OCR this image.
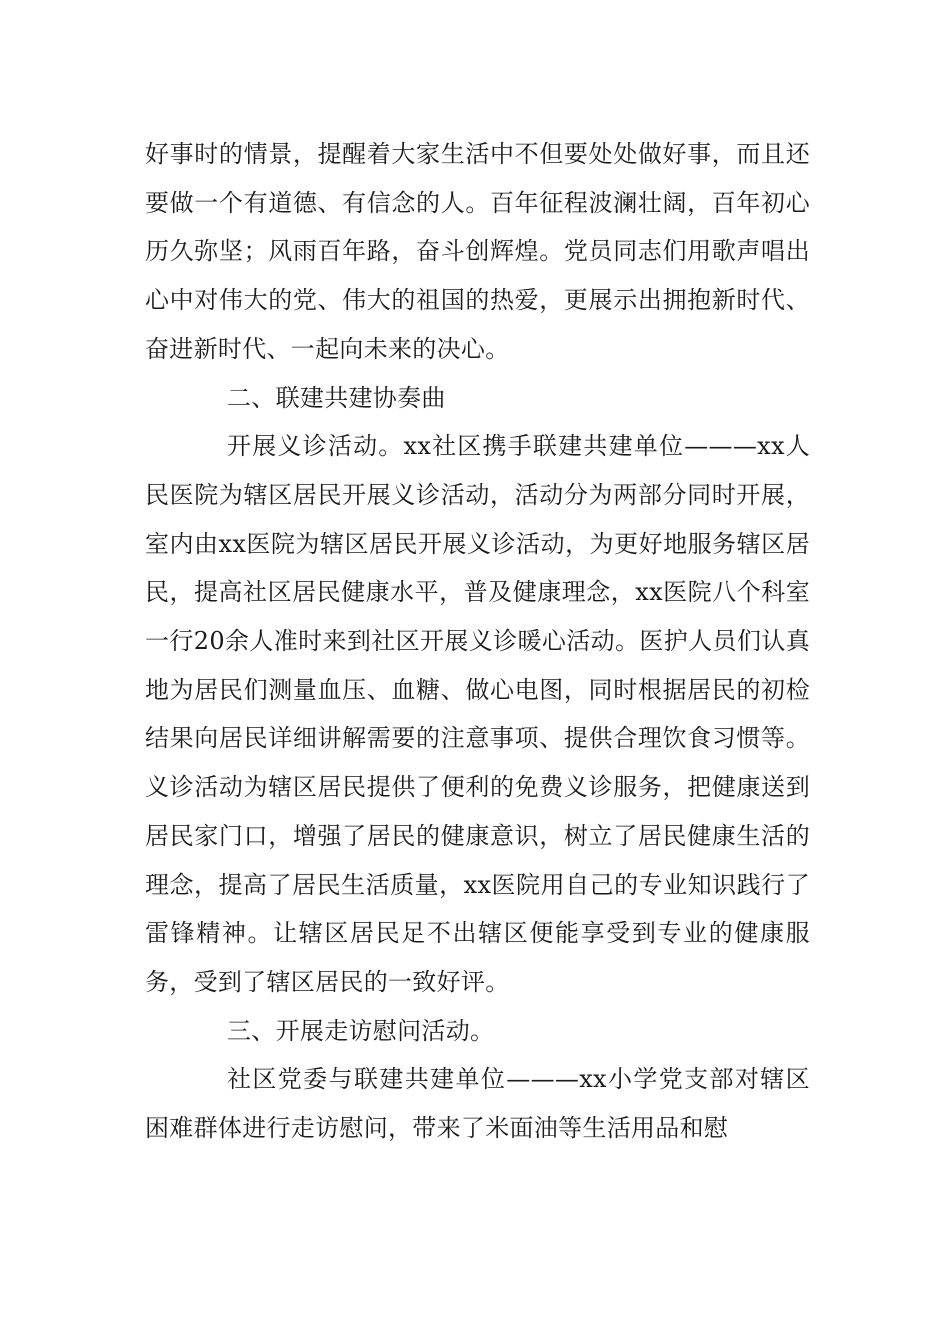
好事时的情景，提醒着大家生活中不但要处处做好事，而且还要做一个有道德、有信念的人。百年征程波澜壮阔，百年初心历久弥坚；风雨百年路，奋斗创辉煌。党员同志们用歌声唱出心中对伟大的党、伟大的祖国的热爱，更展示出拥抱新时代、奋进新时代、一起向未来的决心。

二、联建共建协奏曲

开展义诊活动。xx社区携手联建共建单位———xx人民医院为辖区居民开展义诊活动，活动分为两部分同时开展，室内由xx医院为辖区居民开展义诊活动，为更好地服务辖区居民，提高社区居民健康水平，普及健康理念，xx医院八个科室一行20余人准时来到社区开展义诊暖心活动。医护人员们认真地为居民们测量血压、血糖、做心电图，同时根据居民的初检结果向居民详细讲解需要的注意事项、提供合理饮食习惯等。义诊活动为辖区居民提供了便利的免费义诊服务，把健康送到居民家门口，增强了居民的健康意识，树立了居民健康生活的理念，提高了居民生活质量，xx医院用自己的专业知识践行了雷锋精神。让辖区居民足不出辖区便能享受到专业的健康服务，受到了辖区居民的一致好评。

三、开展走访慰问活动。

社区党委与联建共建单位———xx小学党支部对辖区困难群体进行走访慰问，带来了米面油等生活用品和慰
